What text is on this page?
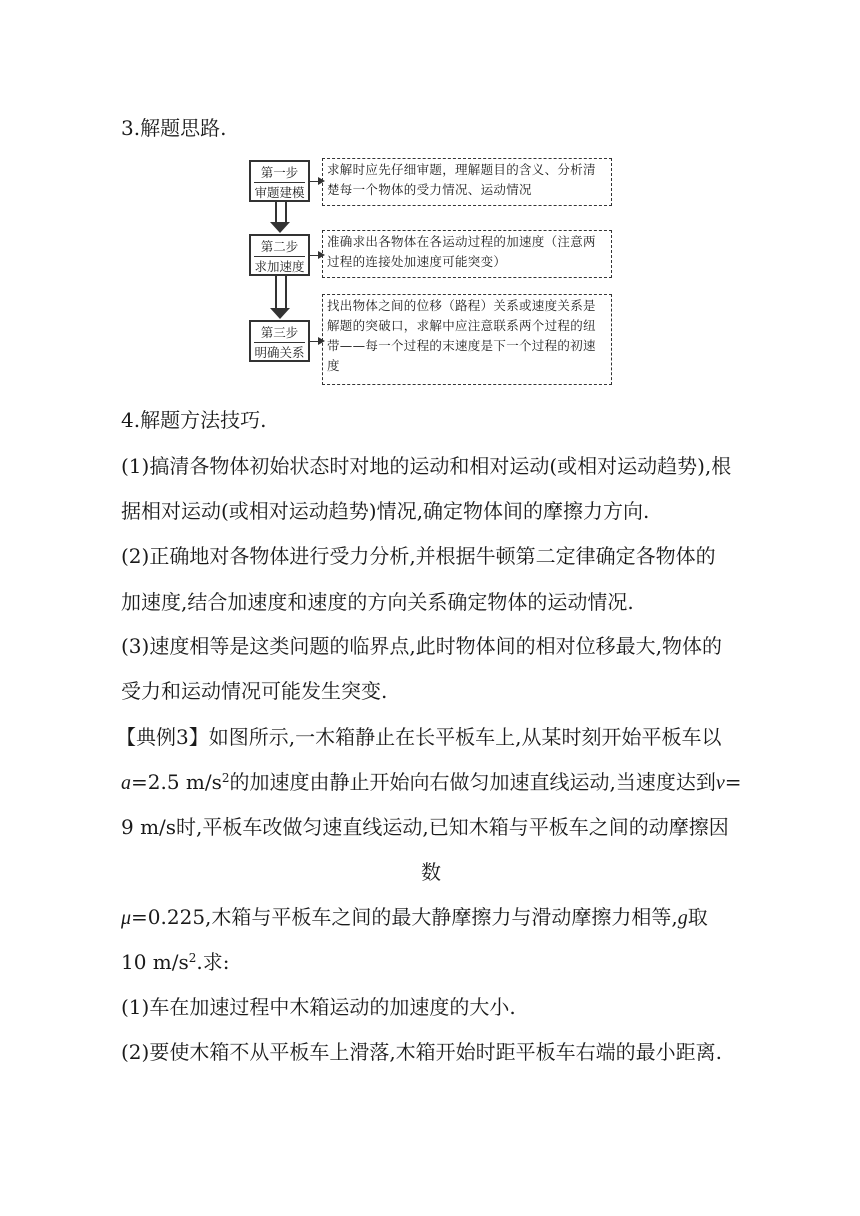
3.解题思路.
第一步
审题建模
求解时应先仔细审题，理解题目的含义、分析清楚每一个物体的受力情况、运动情况
第二步
求加速度
准确求出各物体在各运动过程的加速度（注意两过程的连接处加速度可能突变）
第三步
明确关系
找出物体之间的位移（路程）关系或速度关系是解题的突破口，求解中应注意联系两个过程的纽带——每一个过程的末速度是下一个过程的初速度
4.解题方法技巧.
(1)搞清各物体初始状态时对地的运动和相对运动(或相对运动趋势),根
据相对运动(或相对运动趋势)情况,确定物体间的摩擦力方向.
(2)正确地对各物体进行受力分析,并根据牛顿第二定律确定各物体的
加速度,结合加速度和速度的方向关系确定物体的运动情况.
(3)速度相等是这类问题的临界点,此时物体间的相对位移最大,物体的
受力和运动情况可能发生突变.
【典例3】如图所示,一木箱静止在长平板车上,从某时刻开始平板车以
a=2.5 $m/s^2$的加速度由静止开始向右做匀加速直线运动,当速度达到v=
9 m/s时,平板车改做匀速直线运动,已知木箱与平板车之间的动摩擦因
数
μ=0.225,木箱与平板车之间的最大静摩擦力与滑动摩擦力相等,g取
10 $m/s^2$.求:
(1)车在加速过程中木箱运动的加速度的大小.
(2)要使木箱不从平板车上滑落,木箱开始时距平板车右端的最小距离.
